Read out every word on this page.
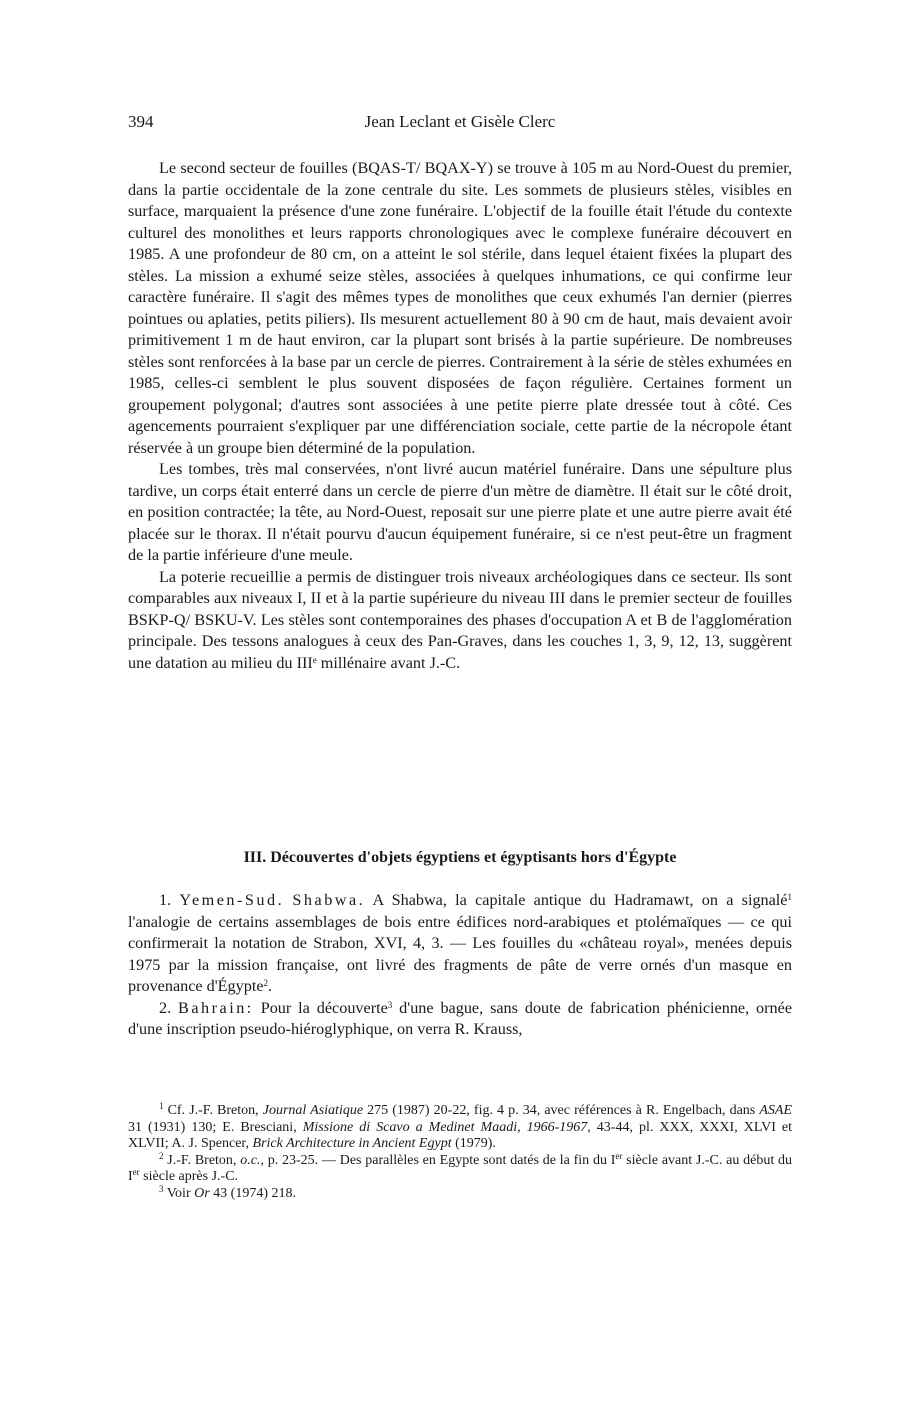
394	Jean Leclant et Gisèle Clerc

Le second secteur de fouilles (BQAS-T/ BQAX-Y) se trouve à 105 m au Nord-Ouest du premier, dans la partie occidentale de la zone centrale du site. Les sommets de plusieurs stèles, visibles en surface, marquaient la présence d'une zone funéraire. L'objectif de la fouille était l'étude du contexte culturel des monolithes et leurs rapports chronologiques avec le complexe funéraire découvert en 1985. A une profondeur de 80 cm, on a atteint le sol stérile, dans lequel étaient fixées la plupart des stèles. La mission a exhumé seize stèles, associées à quelques inhumations, ce qui confirme leur caractère funéraire. Il s'agit des mêmes types de monolithes que ceux exhumés l'an dernier (pierres pointues ou aplaties, petits piliers). Ils mesurent actuellement 80 à 90 cm de haut, mais devaient avoir primitivement 1 m de haut environ, car la plupart sont brisés à la partie supérieure. De nombreuses stèles sont renforcées à la base par un cercle de pierres. Contrairement à la série de stèles exhumées en 1985, celles-ci semblent le plus souvent disposées de façon régulière. Certaines forment un groupement polygonal; d'autres sont associées à une petite pierre plate dressée tout à côté. Ces agencements pourraient s'expliquer par une différenciation sociale, cette partie de la nécropole étant réservée à un groupe bien déterminé de la population.

Les tombes, très mal conservées, n'ont livré aucun matériel funéraire. Dans une sépulture plus tardive, un corps était enterré dans un cercle de pierre d'un mètre de diamètre. Il était sur le côté droit, en position contractée; la tête, au Nord-Ouest, reposait sur une pierre plate et une autre pierre avait été placée sur le thorax. Il n'était pourvu d'aucun équipement funéraire, si ce n'est peut-être un fragment de la partie inférieure d'une meule.

La poterie recueillie a permis de distinguer trois niveaux archéologiques dans ce secteur. Ils sont comparables aux niveaux I, II et à la partie supérieure du niveau III dans le premier secteur de fouilles BSKP-Q/ BSKU-V. Les stèles sont contemporaines des phases d'occupation A et B de l'agglomération principale. Des tessons analogues à ceux des Pan-Graves, dans les couches 1, 3, 9, 12, 13, suggèrent une datation au milieu du IIIe millénaire avant J.-C.

III. Découvertes d'objets égyptiens et égyptisants hors d'Égypte

1. Yemen-Sud. Shabwa. A Shabwa, la capitale antique du Hadramawt, on a signalé$^1$ l'analogie de certains assemblages de bois entre édifices nord-arabiques et ptolémaïques — ce qui confirmerait la notation de Strabon, XVI, 4, 3. — Les fouilles du «château royal», menées depuis 1975 par la mission française, ont livré des fragments de pâte de verre ornés d'un masque en provenance d'Égypte$^2$.

2. Bahrain: Pour la découverte$^3$ d'une bague, sans doute de fabrication phénicienne, ornée d'une inscription pseudo-hiéroglyphique, on verra R. Krauss,

$^1$ Cf. J.-F. Breton, Journal Asiatique 275 (1987) 20-22, fig. 4 p. 34, avec références à R. Engelbach, dans ASAE 31 (1931) 130; E. Bresciani, Missione di Scavo a Medinet Maadi, 1966-1967, 43-44, pl. XXX, XXXI, XLVI et XLVII; A. J. Spencer, Brick Architecture in Ancient Egypt (1979).

$^2$ J.-F. Breton, o.c., p. 23-25. — Des parallèles en Egypte sont datés de la fin du Ier siècle avant J.-C. au début du Ier siècle après J.-C.

$^3$ Voir Or 43 (1974) 218.
